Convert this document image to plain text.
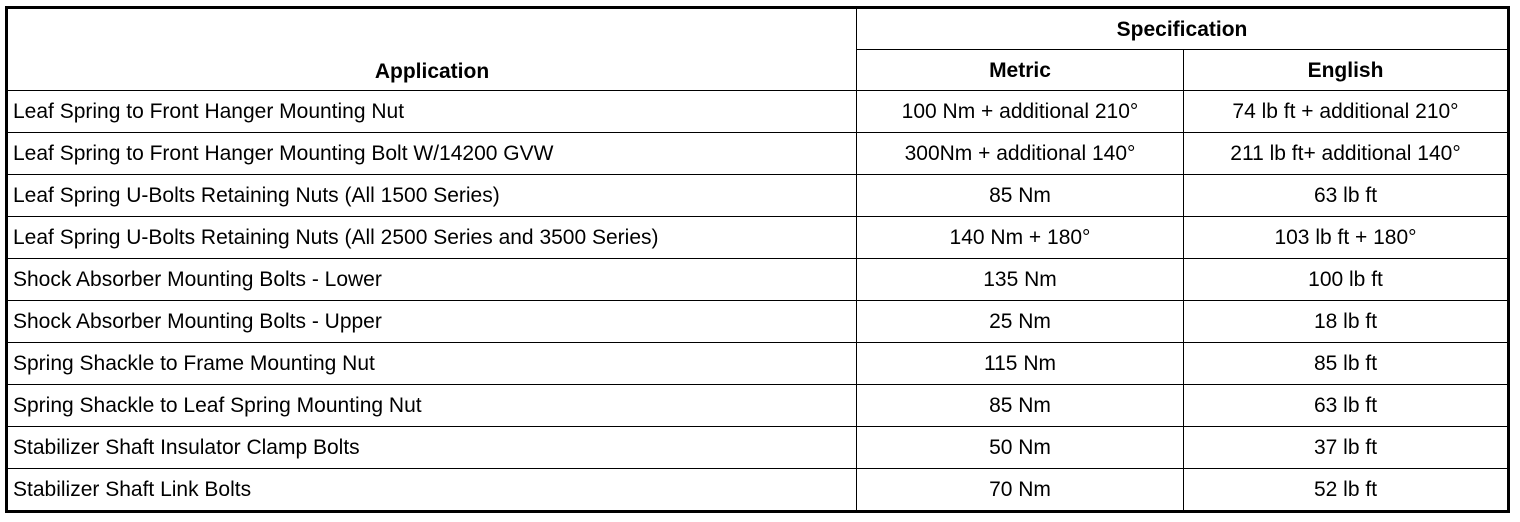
Application	Specification	
	Metric	English
Leaf Spring to Front Hanger Mounting Nut	100 Nm + additional 210°	74 lb ft + additional 210°
Leaf Spring to Front Hanger Mounting Bolt W/14200 GVW	300Nm + additional 140°	211 lb ft+ additional 140°
Leaf Spring U-Bolts Retaining Nuts (All 1500 Series)	85 Nm	63 lb ft
Leaf Spring U-Bolts Retaining Nuts (All 2500 Series and 3500 Series)	140 Nm + 180°	103 lb ft + 180°
Shock Absorber Mounting Bolts - Lower	135 Nm	100 lb ft
Shock Absorber Mounting Bolts - Upper	25 Nm	18 lb ft
Spring Shackle to Frame Mounting Nut	115 Nm	85 lb ft
Spring Shackle to Leaf Spring Mounting Nut	85 Nm	63 lb ft
Stabilizer Shaft Insulator Clamp Bolts	50 Nm	37 lb ft
Stabilizer Shaft Link Bolts	70 Nm	52 lb ft
